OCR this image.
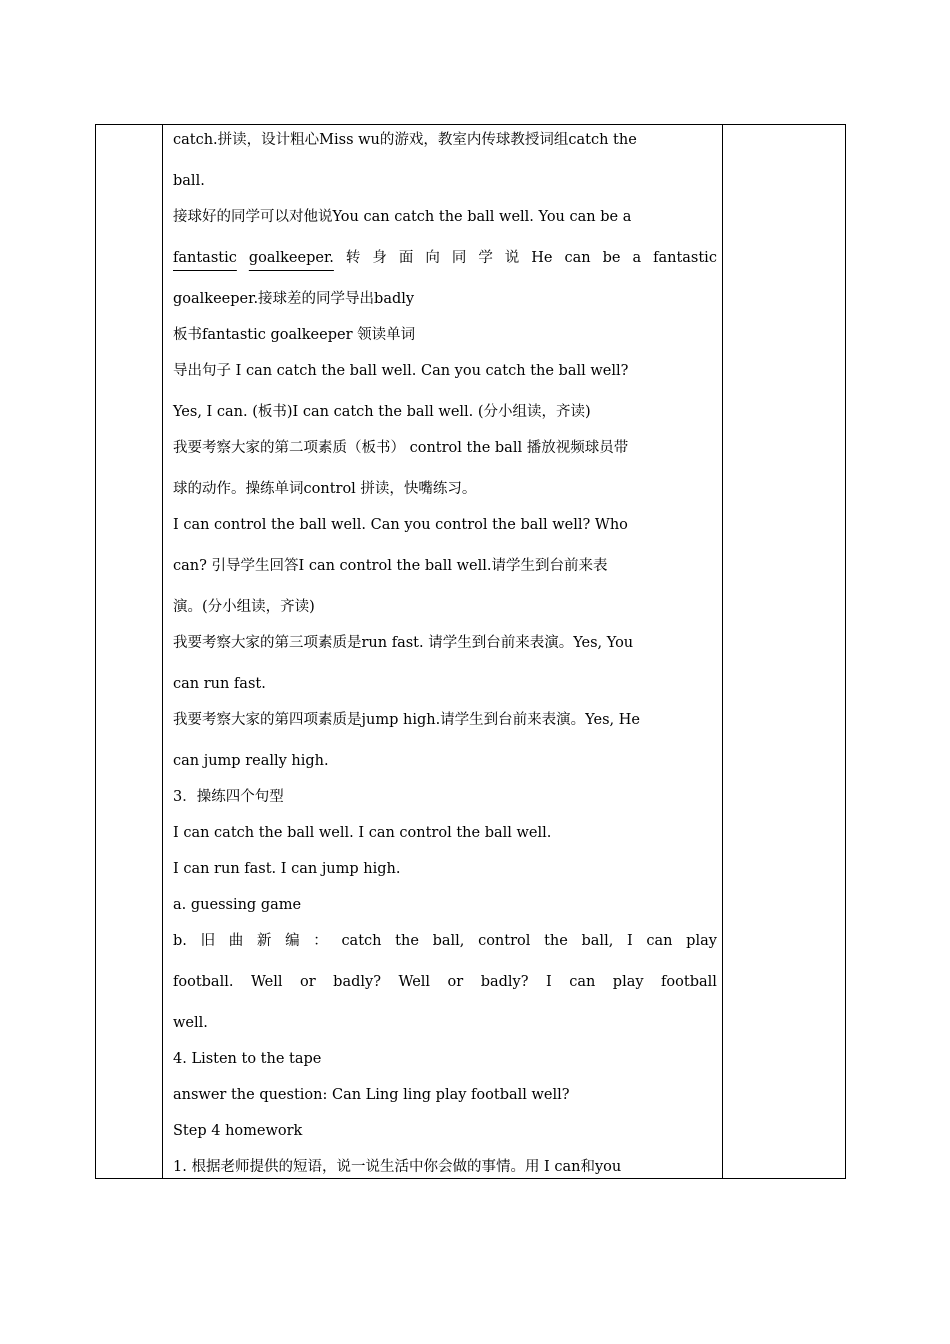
catch.拼读，设计粗心Miss wu的游戏，教室内传球教授词组catch the
ball.
接球好的同学可以对他说You can catch the ball well. You can be a
fantastic goalkeeper. 转 身 面 向 同 学 说 He can be a fantastic
goalkeeper.接球差的同学导出badly
板书fantastic goalkeeper 领读单词
导出句子 I can catch the ball well. Can you catch the ball well?
Yes, I can. (板书)I can catch the ball well. (分小组读，齐读)
我要考察大家的第二项素质（板书） control the ball 播放视频球员带
球的动作。操练单词control 拼读，快嘴练习。
I can control the ball well. Can you control the ball well? Who
can? 引导学生回答I can control the ball well.请学生到台前来表
演。(分小组读，齐读)
我要考察大家的第三项素质是run fast. 请学生到台前来表演。Yes, You
can run fast.
我要考察大家的第四项素质是jump high.请学生到台前来表演。Yes, He
can jump really high.
3．操练四个句型
I can catch the ball well. I can control the ball well.
I can run fast. I can jump high.
a. guessing game
b. 旧 曲 新 编 ： catch the ball, control the ball, I can play
football. Well or badly? Well or badly? I can play football
well.
4. Listen to the tape
answer the question: Can Ling ling play football well?
Step 4 homework
1. 根据老师提供的短语，说一说生活中你会做的事情。用 I can和you
